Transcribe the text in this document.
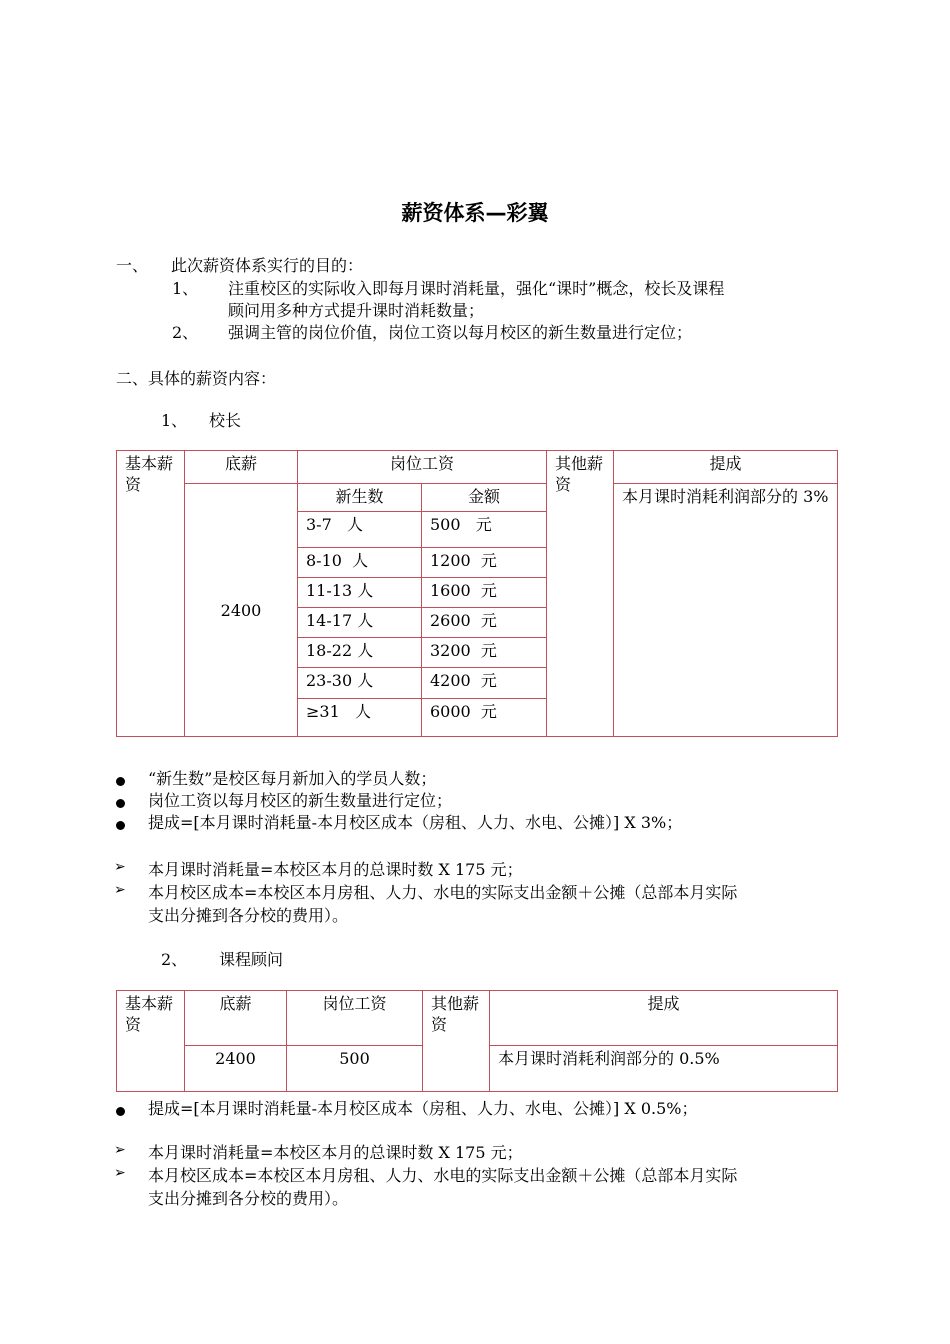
薪资体系—彩翼
一、 此次薪资体系实行的目的：
1、 注重校区的实际收入即每月课时消耗量，强化“课时”概念，校长及课程
顾问用多种方式提升课时消耗数量；
2、 强调主管的岗位价值，岗位工资以每月校区的新生数量进行定位；
二、具体的薪资内容：
1、 校长
基本薪资	底薪	岗位工资		其他薪资	提成
	2400	新生数	金额		本月课时消耗利润部分的 3%
		3-7   人	500   元		
		8-10  人	1200  元		
		11-13 人	1600  元		
		14-17 人	2600  元		
		18-22 人	3200  元		
		23-30 人	4200  元		
		≥31   人	6000  元		
“新生数”是校区每月新加入的学员人数；
岗位工资以每月校区的新生数量进行定位；
提成=[本月课时消耗量-本月校区成本（房租、人力、水电、公摊）] X 3%；
➢ 本月课时消耗量=本校区本月的总课时数 X 175 元；
➢ 本月校区成本=本校区本月房租、人力、水电的实际支出金额＋公摊（总部本月实际
支出分摊到各分校的费用）。
2、 课程顾问
基本薪资	底薪	岗位工资	其他薪资	提成
	2400	500		本月课时消耗利润部分的 0.5%
提成=[本月课时消耗量-本月校区成本（房租、人力、水电、公摊）] X 0.5%；
➢ 本月课时消耗量=本校区本月的总课时数 X 175 元；
➢ 本月校区成本=本校区本月房租、人力、水电的实际支出金额＋公摊（总部本月实际
支出分摊到各分校的费用）。
